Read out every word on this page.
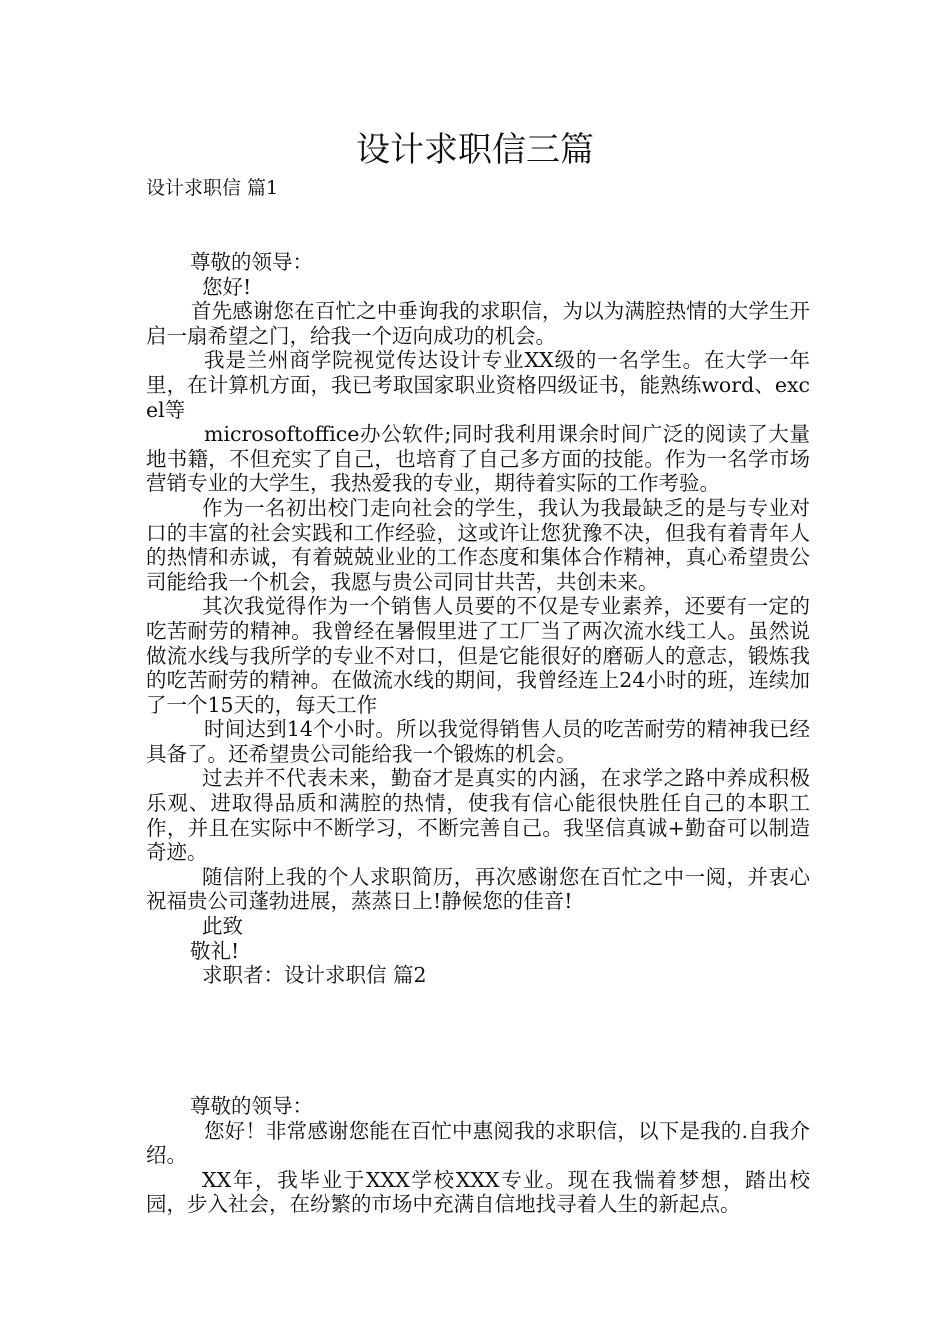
设计求职信三篇

设计求职信 篇1

尊敬的领导：

您好!

首先感谢您在百忙之中垂询我的求职信，为以为满腔热情的大学生开启一扇希望之门，给我一个迈向成功的机会。

我是兰州商学院视觉传达设计专业XX级的一名学生。在大学一年里，在计算机方面，我已考取国家职业资格四级证书，能熟练word、excel等

microsoftoffice办公软件;同时我利用课余时间广泛的阅读了大量地书籍，不但充实了自己，也培育了自己多方面的技能。作为一名学市场营销专业的大学生，我热爱我的专业，期待着实际的工作考验。

作为一名初出校门走向社会的学生，我认为我最缺乏的是与专业对口的丰富的社会实践和工作经验，这或许让您犹豫不决，但我有着青年人的热情和赤诚，有着兢兢业业的工作态度和集体合作精神，真心希望贵公司能给我一个机会，我愿与贵公司同甘共苦，共创未来。

其次我觉得作为一个销售人员要的不仅是专业素养，还要有一定的吃苦耐劳的精神。我曾经在暑假里进了工厂当了两次流水线工人。虽然说做流水线与我所学的专业不对口，但是它能很好的磨砺人的意志，锻炼我的吃苦耐劳的精神。在做流水线的期间，我曾经连上24小时的班，连续加了一个15天的，每天工作

时间达到14个小时。所以我觉得销售人员的吃苦耐劳的精神我已经具备了。还希望贵公司能给我一个锻炼的机会。

过去并不代表未来，勤奋才是真实的内涵，在求学之路中养成积极乐观、进取得品质和满腔的热情，使我有信心能很快胜任自己的本职工作，并且在实际中不断学习，不断完善自己。我坚信真诚+勤奋可以制造奇迹。

随信附上我的个人求职简历，再次感谢您在百忙之中一阅，并衷心祝福贵公司蓬勃进展，蒸蒸日上!静候您的佳音!

此致

敬礼!

求职者：设计求职信 篇2

尊敬的领导：

您好！非常感谢您能在百忙中惠阅我的求职信，以下是我的.自我介绍。

XX年，我毕业于XXX学校XXX专业。现在我惴着梦想，踏出校园，步入社会，在纷繁的市场中充满自信地找寻着人生的新起点。
